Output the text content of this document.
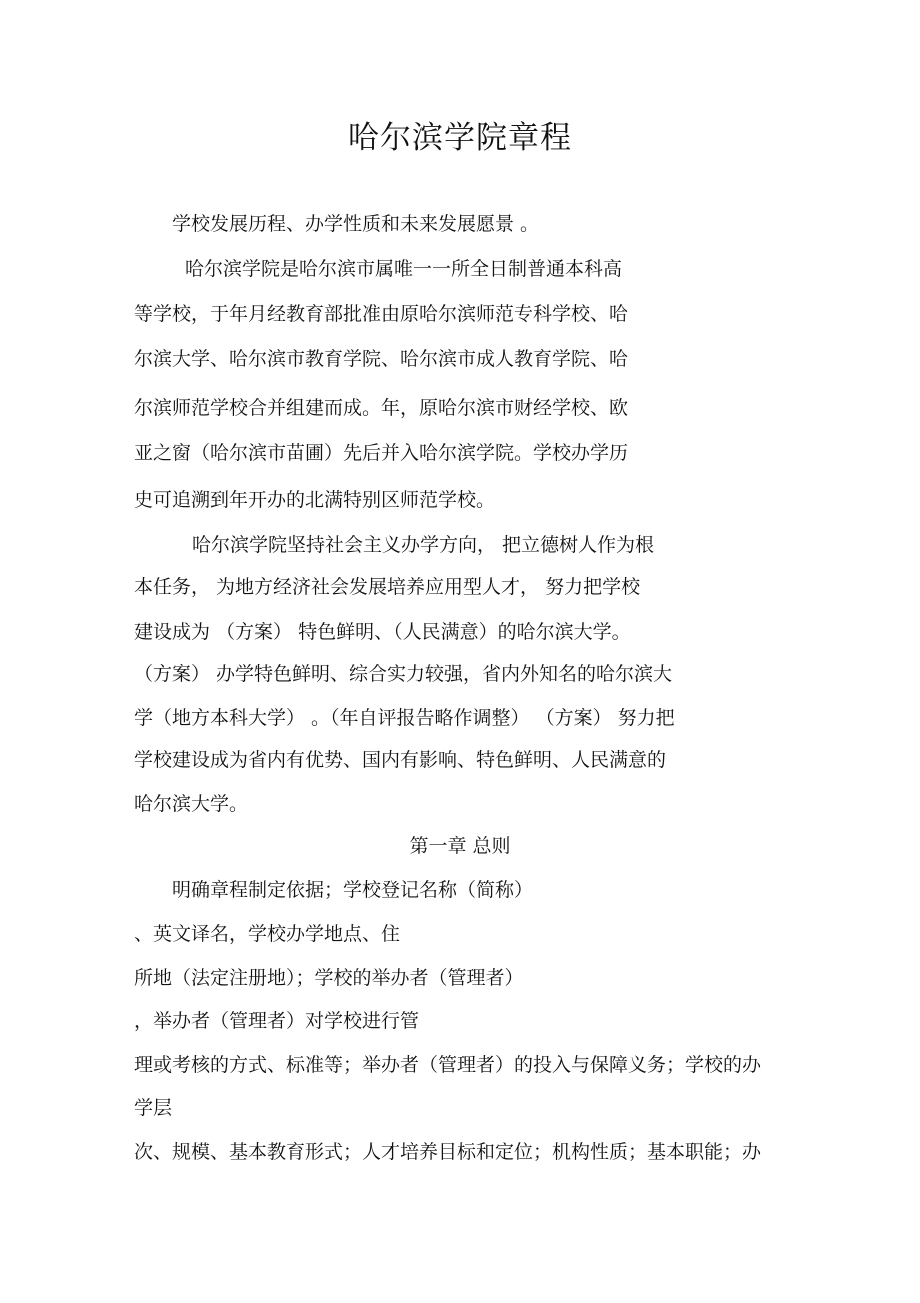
哈尔滨学院章程
学校发展历程、办学性质和未来发展愿景 。
哈尔滨学院是哈尔滨市属唯一一所全日制普通本科高
等学校，于年月经教育部批准由原哈尔滨师范专科学校、哈
尔滨大学、哈尔滨市教育学院、哈尔滨市成人教育学院、哈
尔滨师范学校合并组建而成。年，原哈尔滨市财经学校、欧
亚之窗（哈尔滨市苗圃）先后并入哈尔滨学院。学校办学历
史可追溯到年开办的北满特别区师范学校。
哈尔滨学院坚持社会主义办学方向， 把立德树人作为根
本任务， 为地方经济社会发展培养应用型人才， 努力把学校
建设成为 （方案） 特色鲜明、（人民满意）的哈尔滨大学。
（方案） 办学特色鲜明、综合实力较强，省内外知名的哈尔滨大
学（地方本科大学） 。（年自评报告略作调整） （方案） 努力把
学校建设成为省内有优势、国内有影响、特色鲜明、人民满意的
哈尔滨大学。
第一章 总则
明确章程制定依据；学校登记名称（简称）
、英文译名，学校办学地点、住
所地（法定注册地）；学校的举办者（管理者）
，举办者（管理者）对学校进行管
理或考核的方式、标准等；举办者（管理者）的投入与保障义务；学校的办
学层
次、规模、基本教育形式；人才培养目标和定位；机构性质；基本职能；办
